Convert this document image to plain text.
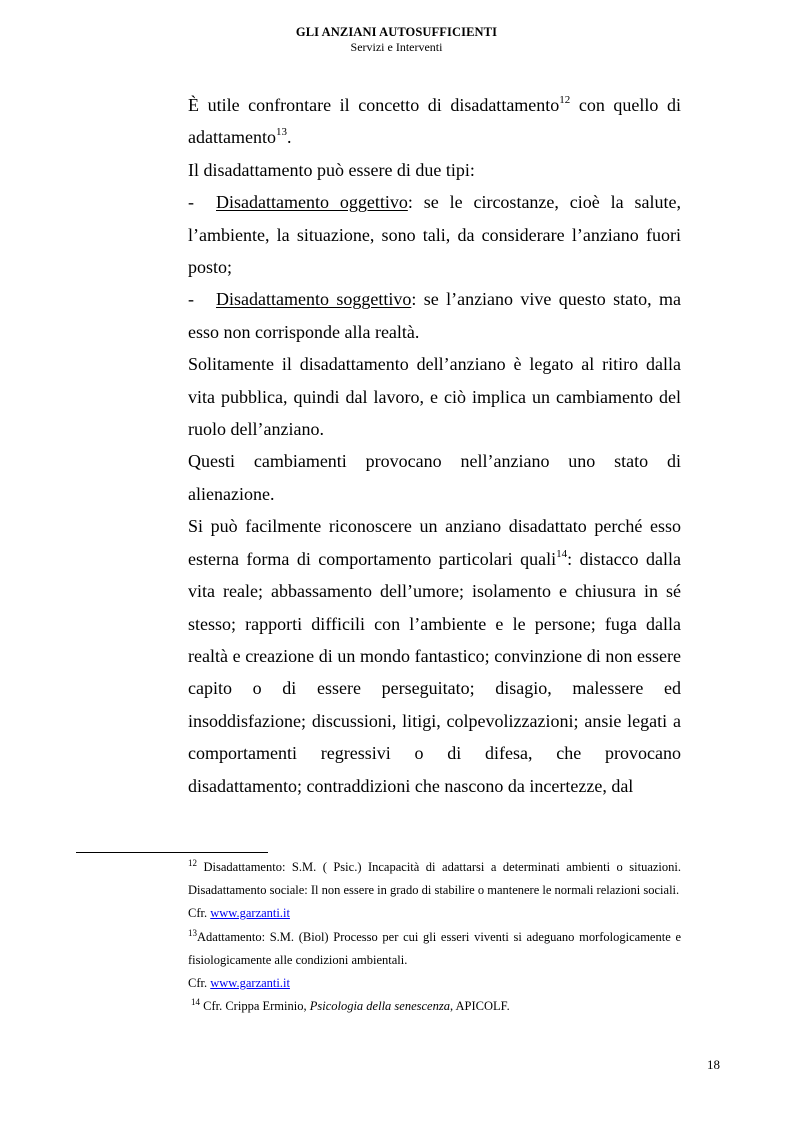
GLI ANZIANI AUTOSUFFICIENTI
Servizi e Interventi

È utile confrontare il concetto di disadattamento$^{12}$ con quello di adattamento$^{13}$.

Il disadattamento può essere di due tipi:

- Disadattamento oggettivo: se le circostanze, cioè la salute, l’ambiente, la situazione, sono tali, da considerare l’anziano fuori posto;

- Disadattamento soggettivo: se l’anziano vive questo stato, ma esso non corrisponde alla realtà.

Solitamente il disadattamento dell’anziano è legato al ritiro dalla vita pubblica, quindi dal lavoro, e ciò implica un cambiamento del ruolo dell’anziano.

Questi cambiamenti provocano nell’anziano uno stato di alienazione.

Si può facilmente riconoscere un anziano disadattato perché esso esterna forma di comportamento particolari quali$^{14}$: distacco dalla vita reale; abbassamento dell’umore; isolamento e chiusura in sé stesso; rapporti difficili con l’ambiente e le persone; fuga dalla realtà e creazione di un mondo fantastico; convinzione di non essere capito o di essere perseguitato; disagio, malessere ed insoddisfazione; discussioni, litigi, colpevolizzazioni; ansie legati a comportamenti regressivi o di difesa, che provocano disadattamento; contraddizioni che nascono da incertezze, dal

$^{12}$ Disadattamento: S.M. ( Psic.) Incapacità di adattarsi a determinati ambienti o situazioni. Disadattamento sociale: Il non essere in grado di stabilire o mantenere le normali relazioni sociali.

Cfr. www.garzanti.it

$^{13}$Adattamento: S.M. (Biol) Processo per cui gli esseri viventi si adeguano morfologicamente e fisiologicamente alle condizioni ambientali.

Cfr. www.garzanti.it

$^{14}$ Cfr. Crippa Erminio, Psicologia della senescenza, APICOLF.

18
